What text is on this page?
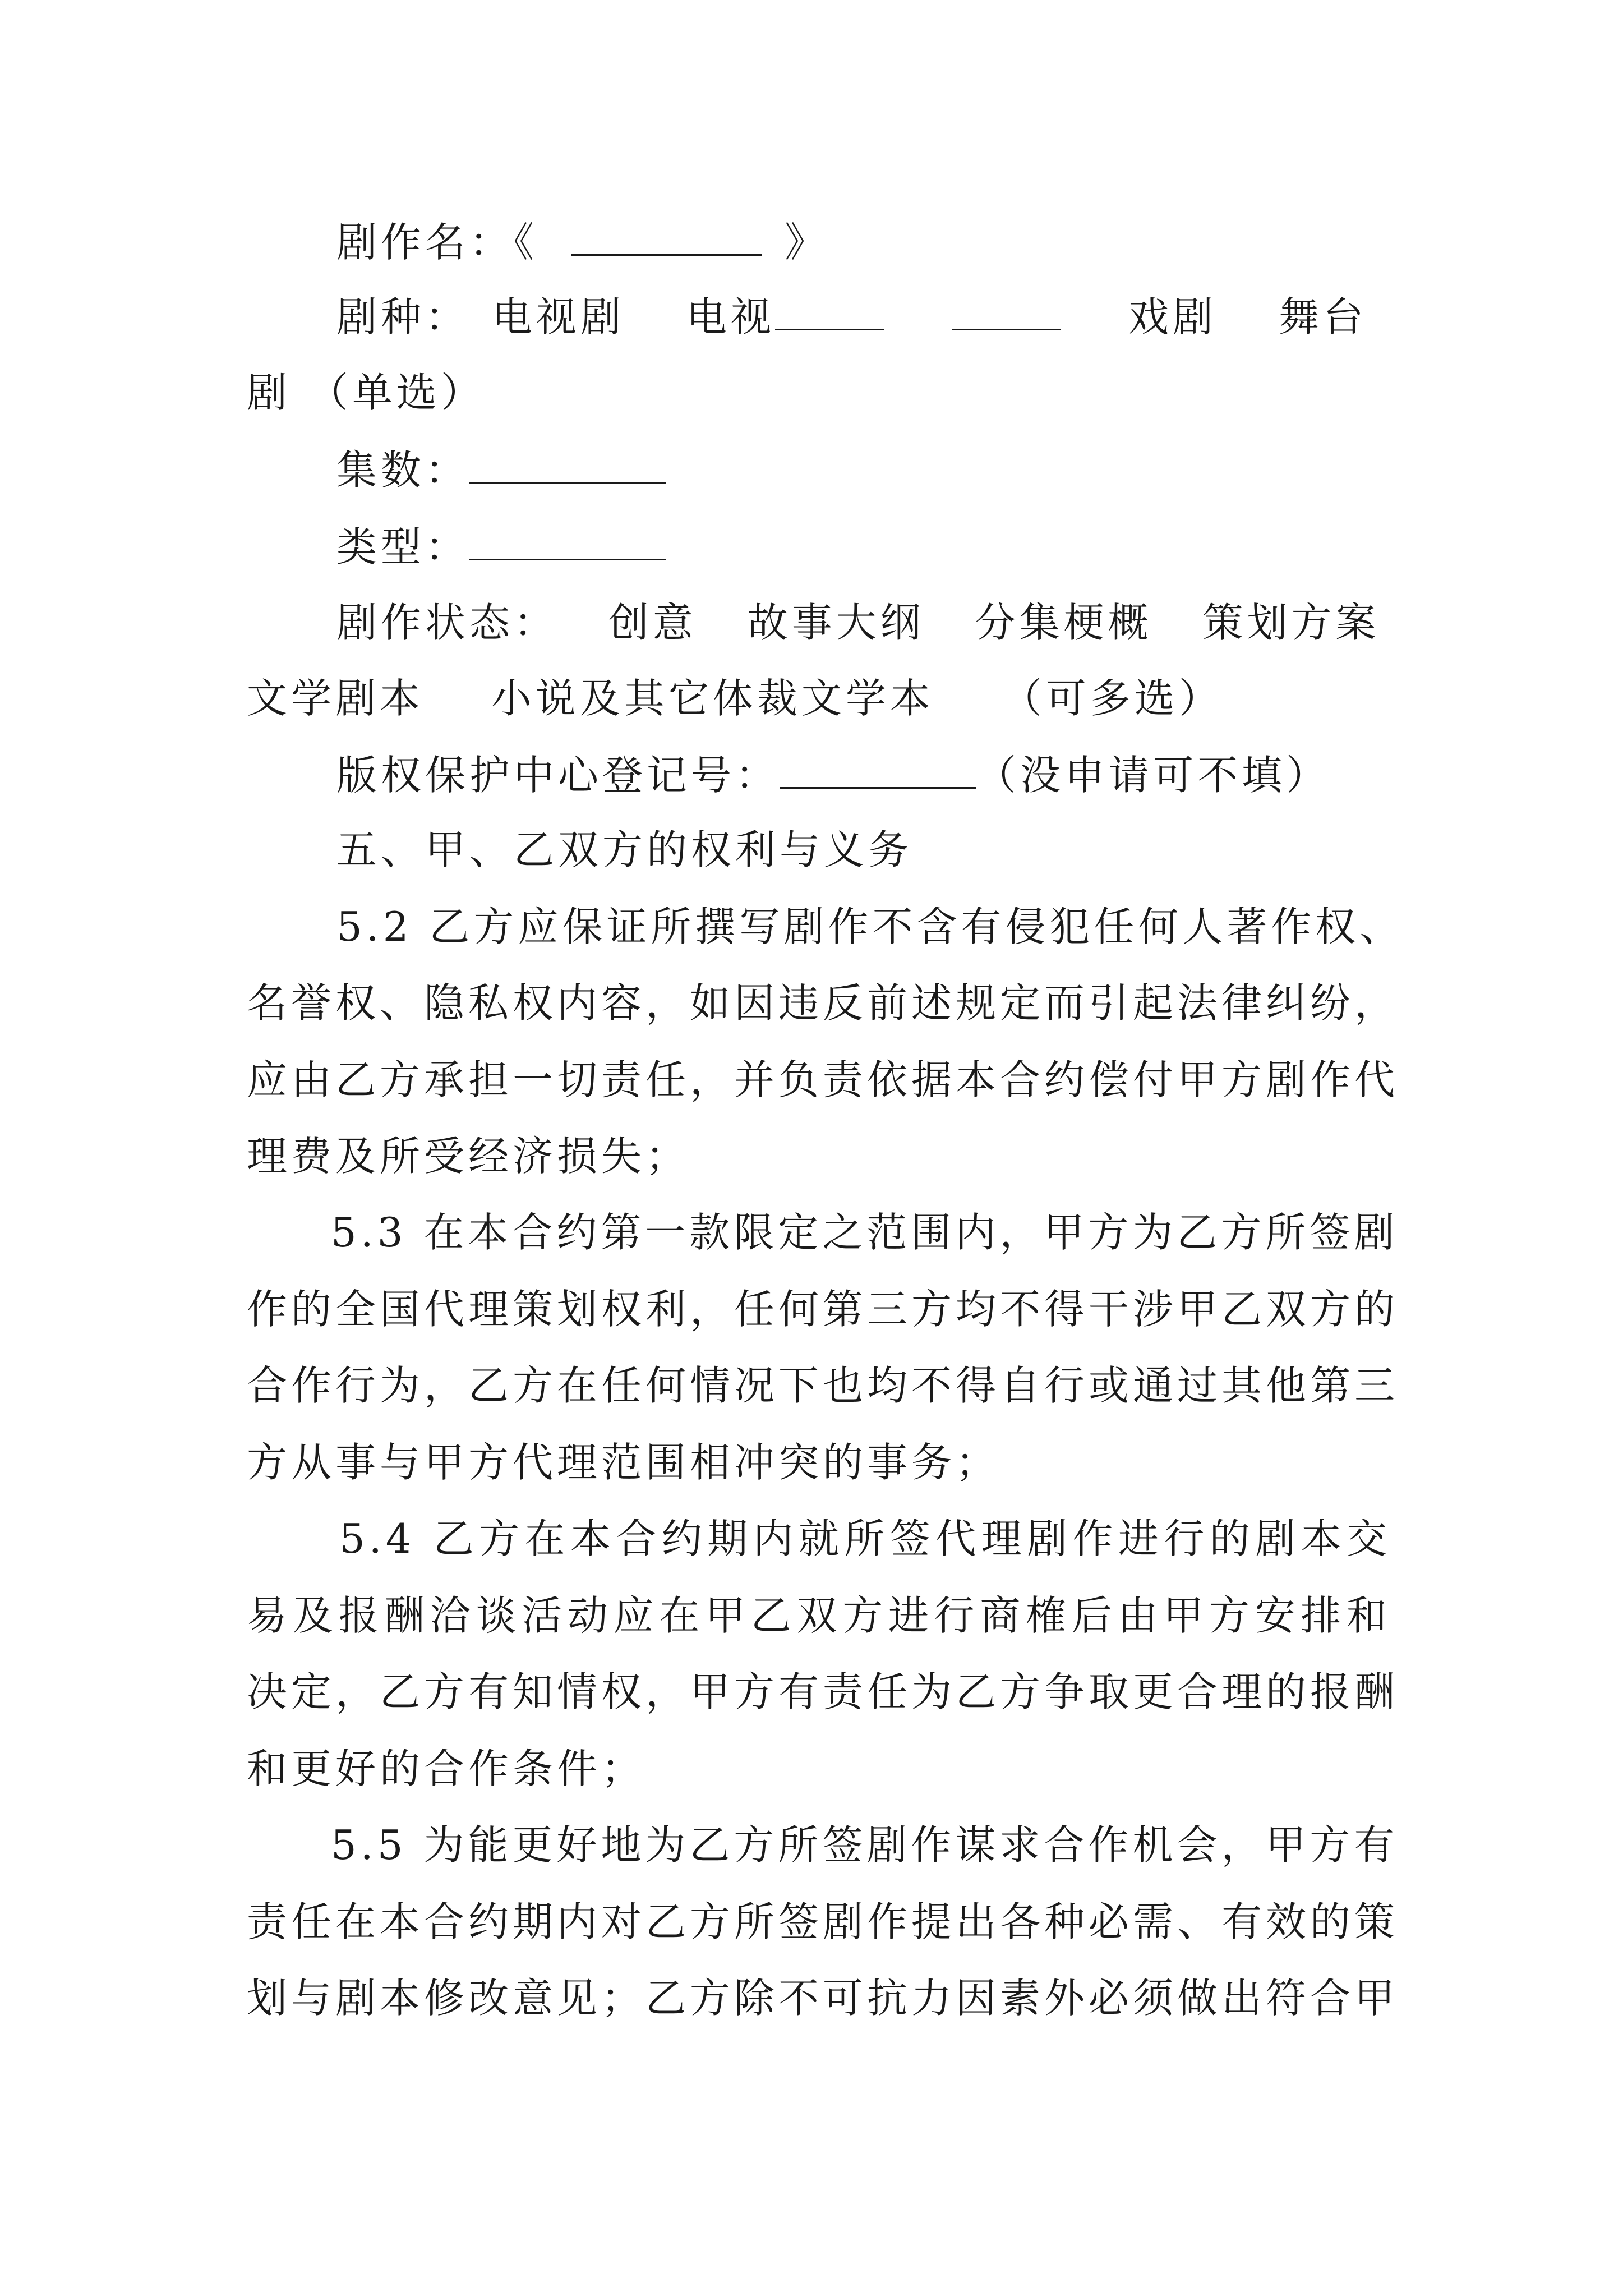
剧作名：《	》
剧种： 电视剧 电视	戏剧 舞台
剧 （单选）
集数：
类型：
剧作状态： 创意 故事大纲 分集梗概 策划方案
文学剧本 小说及其它体裁文学本 （可多选）
版权保护中心登记号：	（没申请可不填）
五、甲、乙双方的权利与义务
5.2 乙方应保证所撰写剧作不含有侵犯任何人著作权、
名誉权、隐私权内容，如因违反前述规定而引起法律纠纷，
应由乙方承担一切责任，并负责依据本合约偿付甲方剧作代
理费及所受经济损失；
5.3 在本合约第一款限定之范围内，甲方为乙方所签剧
作的全国代理策划权利，任何第三方均不得干涉甲乙双方的
合作行为，乙方在任何情况下也均不得自行或通过其他第三
方从事与甲方代理范围相冲突的事务；
5.4 乙方在本合约期内就所签代理剧作进行的剧本交
易及报酬洽谈活动应在甲乙双方进行商榷后由甲方安排和
决定，乙方有知情权，甲方有责任为乙方争取更合理的报酬
和更好的合作条件；
5.5 为能更好地为乙方所签剧作谋求合作机会，甲方有
责任在本合约期内对乙方所签剧作提出各种必需、有效的策
划与剧本修改意见；乙方除不可抗力因素外必须做出符合甲
